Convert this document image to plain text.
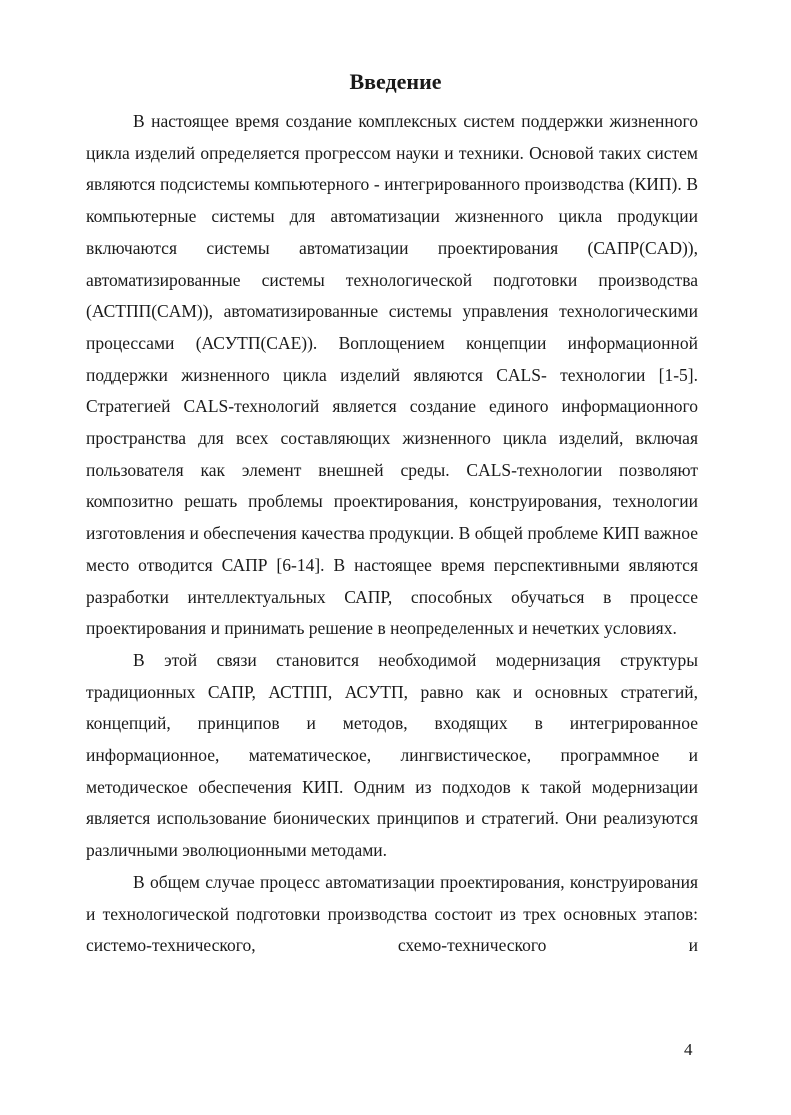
Введение

В настоящее время создание комплексных систем поддержки жизненного цикла изделий определяется прогрессом науки и техники. Основой таких систем являются подсистемы компьютерного - интегрированного производства (КИП). В компьютерные системы для автоматизации жизненного цикла продукции включаются системы автоматизации проектирования (САПР(CAD)), автоматизированные системы технологической подготовки производства (АСТПП(CAM)), автоматизированные системы управления технологическими процессами (АСУТП(CAE)). Воплощением концепции информационной поддержки жизненного цикла изделий являются CALS- технологии [1-5]. Стратегией CALS-технологий является создание единого информационного пространства для всех составляющих жизненного цикла изделий, включая пользователя как элемент внешней среды. CALS-технологии позволяют композитно решать проблемы проектирования, конструирования, технологии изготовления и обеспечения качества продукции. В общей проблеме КИП важное место отводится САПР [6-14]. В настоящее время перспективными являются разработки интеллектуальных САПР, способных обучаться в процессе проектирования и принимать решение в неопределенных и нечетких условиях.

В этой связи становится необходимой модернизация структуры традиционных САПР, АСТПП, АСУТП, равно как и основных стратегий, концепций, принципов и методов, входящих в интегрированное информационное, математическое, лингвистическое, программное и методическое обеспечения КИП. Одним из подходов к такой модернизации является использование бионических принципов и стратегий. Они реализуются различными эволюционными методами.

В общем случае процесс автоматизации проектирования, конструирования и технологической подготовки производства состоит из трех основных этапов: системо-технического, схемо-технического и

4
